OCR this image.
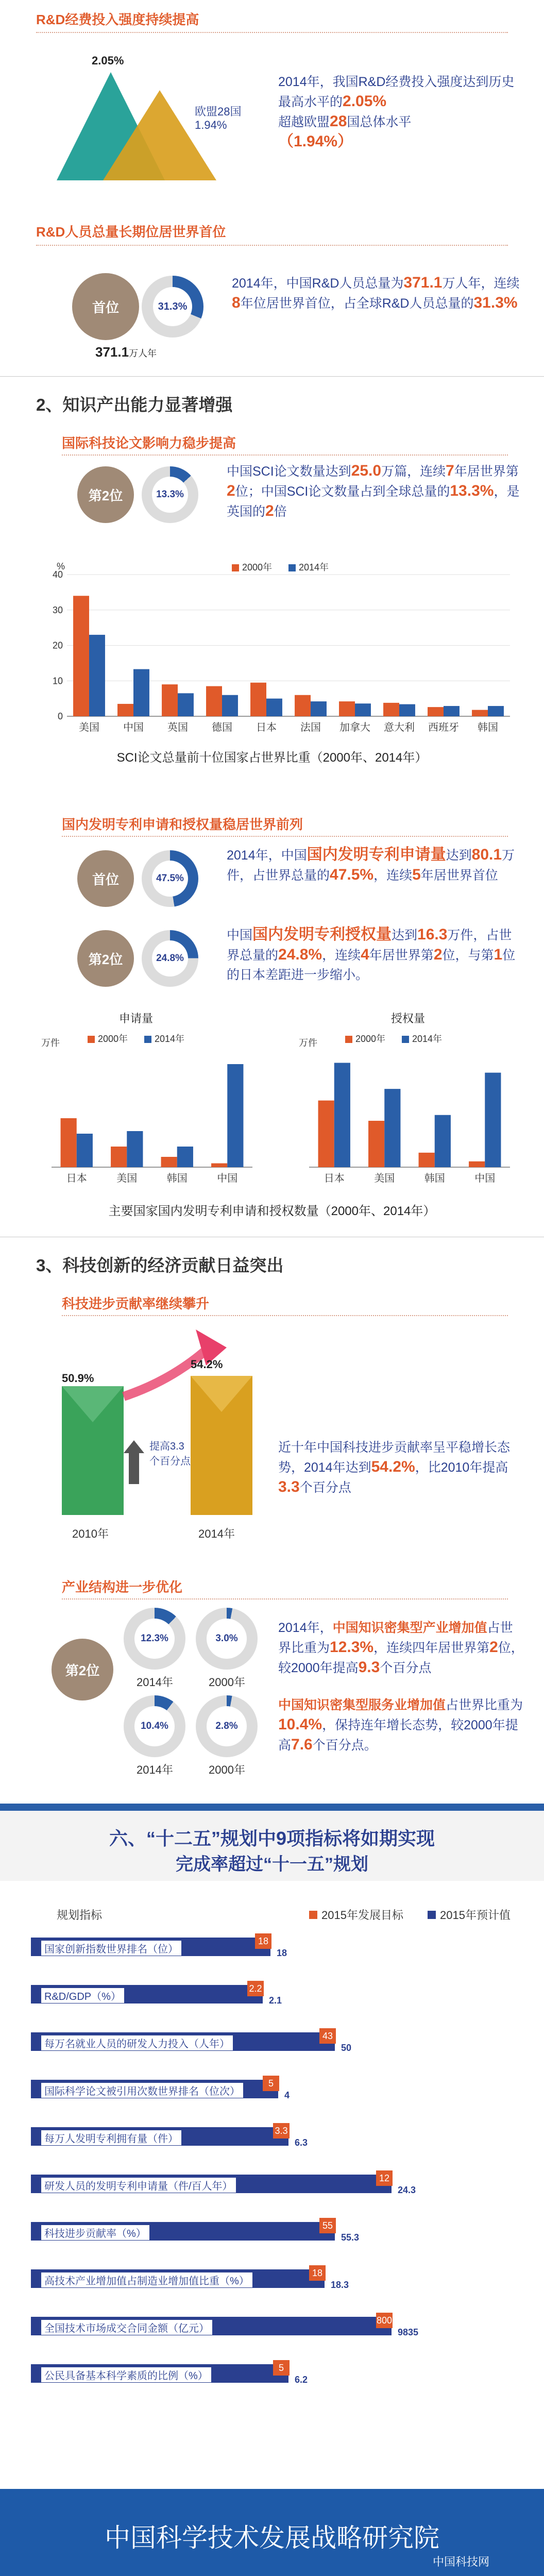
R&D经费投入强度持续提高
2.05%
欧盟28国
1.94%
2014年，我国R&D经费投入强度达到历史最高水平的2.05%
超越欧盟28国总体水平
（1.94%）
R&D人员总量长期位居世界首位
首位	31.3%
371.1万人年
2014年，中国R&D人员总量为371.1万人年，连续8年位居世界首位，占全球R&D人员总量的31.3%
2、知识产出能力显著增强
国际科技论文影响力稳步提高
第2位	13.3%
中国SCI论文数量达到25.0万篇，连续7年居世界第2位；中国SCI论文数量占到全球总量的13.3%，是英国的2倍
0
10
20
30
40
美国 中国 英国 德国 日本 法国 加拿大 意大利 西班牙 韩国
%	2000年	2014年
SCI论文总量前十位国家占世界比重（2000年、2014年）
国内发明专利申请和授权量稳居世界前列
首位	47.5%
2014年，中国国内发明专利申请量达到80.1万件，占世界总量的47.5%，连续5年居世界首位
第2位	24.8%
中国国内发明专利授权量达到16.3万件，占世界总量的24.8%，连续4年居世界第2位，与第1位的日本差距进一步缩小。
申请量	授权量
日本	美国	韩国	中国
万件	2000年	2014年
日本	美国	韩国	中国
万件	2000年	2014年
主要国家国内发明专利申请和授权数量（2000年、2014年）
3、科技创新的经济贡献日益突出
科技进步贡献率继续攀升
50.9%
54.2%
提高3.3个百分点
2010年	2014年
近十年中国科技进步贡献率呈平稳增长态势，2014年达到54.2%，比2010年提高3.3个百分点
产业结构进一步优化
第2位
12.3%	3.0%
2014年	2000年
10.4%	2.8%
2014年	2000年
2014年，中国知识密集型产业增加值占世界比重为12.3%，连续四年居世界第2位，较2000年提高9.3个百分点
中国知识密集型服务业增加值占世界比重为10.4%，保持连年增长态势，较2000年提高7.6个百分点。
六、“十二五”规划中9项指标将如期实现
完成率超过“十一五”规划
规划指标	2015年发展目标	2015年预计值
国家创新指数世界排名（位）
18
18
R&D/GDP（%）
2.2
2.1
每万名就业人员的研发人力投入（人年）
43
50
国际科学论文被引用次数世界排名（位次）
5
4
每万人发明专利拥有量（件）
3.3
6.3
研发人员的发明专利申请量（件/百人年）
12
24.3
科技进步贡献率（%）
55
55.3
高技术产业增加值占制造业增加值比重（%）
18
18.3
全国技术市场成交合同金额（亿元）
800
9835
公民具备基本科学素质的比例（%）
5
6.2
中国科学技术发展战略研究院
中国科技网
